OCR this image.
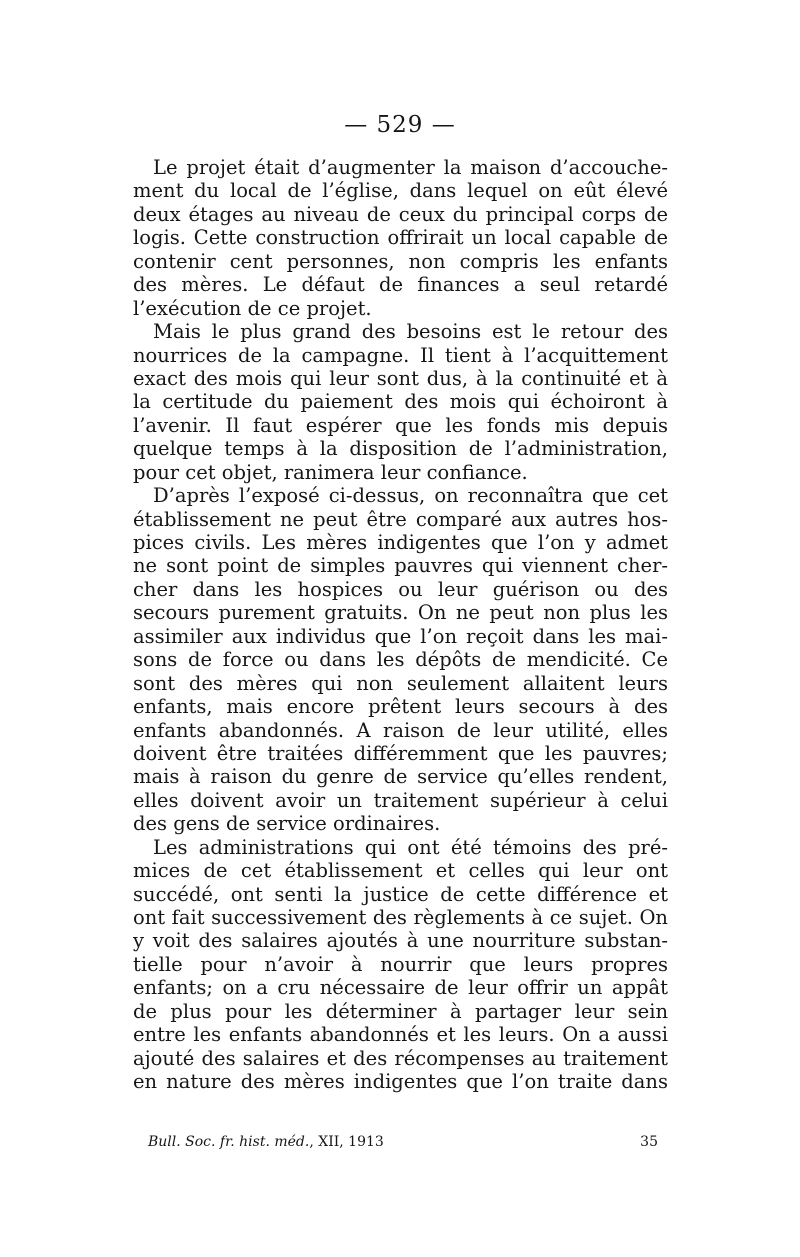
— 529 —
Le projet était d’augmenter la maison d’accouche-
ment du local de l’église, dans lequel on eût élevé
deux étages au niveau de ceux du principal corps de
logis. Cette construction offrirait un local capable de
contenir cent personnes, non compris les enfants
des mères. Le défaut de finances a seul retardé
l’exécution de ce projet.
Mais le plus grand des besoins est le retour des
nourrices de la campagne. Il tient à l’acquittement
exact des mois qui leur sont dus, à la continuité et à
la certitude du paiement des mois qui échoiront à
l’avenir. Il faut espérer que les fonds mis depuis
quelque temps à la disposition de l’administration,
pour cet objet, ranimera leur confiance.
D’après l’exposé ci-dessus, on reconnaîtra que cet
établissement ne peut être comparé aux autres hos-
pices civils. Les mères indigentes que l’on y admet
ne sont point de simples pauvres qui viennent cher-
cher dans les hospices ou leur guérison ou des
secours purement gratuits. On ne peut non plus les
assimiler aux individus que l’on reçoit dans les mai-
sons de force ou dans les dépôts de mendicité. Ce
sont des mères qui non seulement allaitent leurs
enfants, mais encore prêtent leurs secours à des
enfants abandonnés. A raison de leur utilité, elles
doivent être traitées différemment que les pauvres;
mais à raison du genre de service qu’elles rendent,
elles doivent avoir un traitement supérieur à celui
des gens de service ordinaires.
Les administrations qui ont été témoins des pré-
mices de cet établissement et celles qui leur ont
succédé, ont senti la justice de cette différence et
ont fait successivement des règlements à ce sujet. On
y voit des salaires ajoutés à une nourriture substan-
tielle pour n’avoir à nourrir que leurs propres
enfants; on a cru nécessaire de leur offrir un appât
de plus pour les déterminer à partager leur sein
entre les enfants abandonnés et les leurs. On a aussi
ajouté des salaires et des récompenses au traitement
en nature des mères indigentes que l’on traite dans
Bull. Soc. fr. hist. méd., XII, 1913	35
